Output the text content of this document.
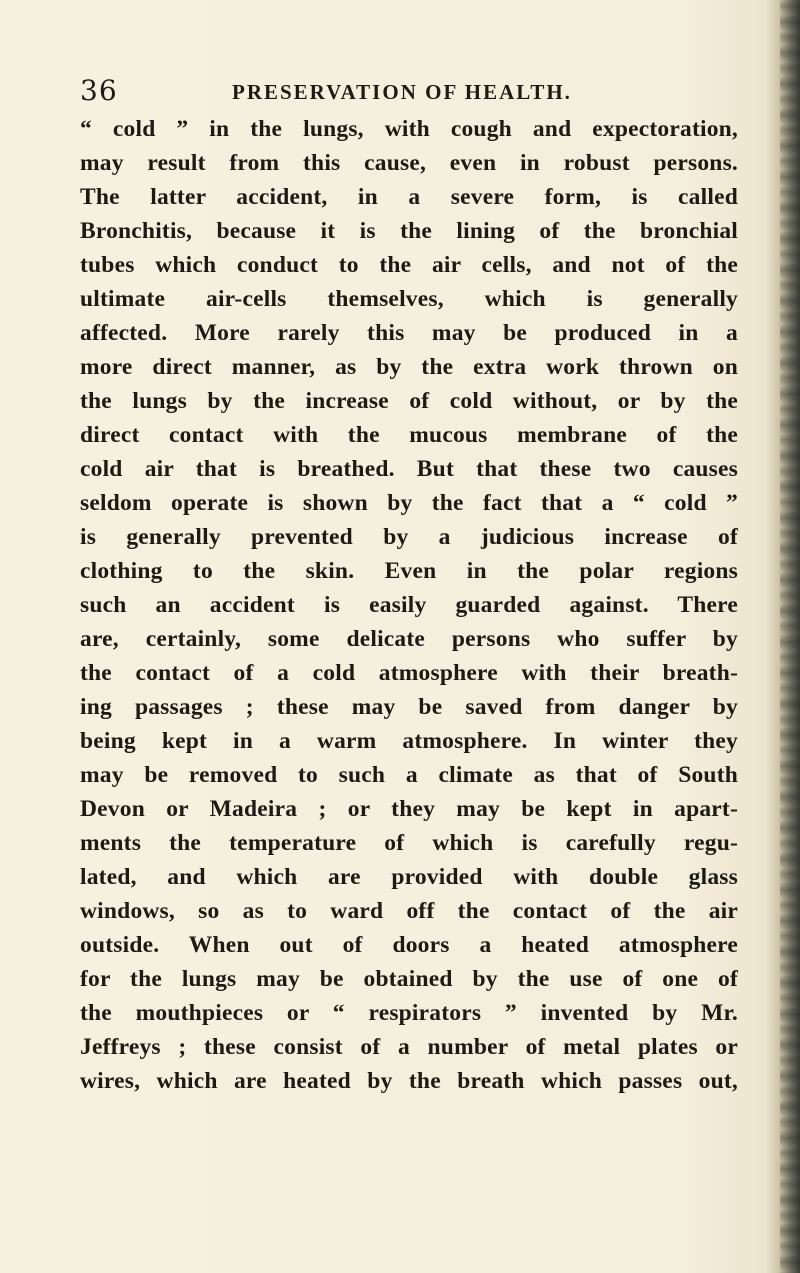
36	PRESERVATION OF HEALTH.
“ cold ” in the lungs, with cough and expectoration,
may result from this cause, even in robust persons.
The latter accident, in a severe form, is called
Bronchitis, because it is the lining of the bronchial
tubes which conduct to the air cells, and not of the
ultimate air-cells themselves, which is generally
affected. More rarely this may be produced in a
more direct manner, as by the extra work thrown on
the lungs by the increase of cold without, or by the
direct contact with the mucous membrane of the
cold air that is breathed. But that these two causes
seldom operate is shown by the fact that a “ cold ”
is generally prevented by a judicious increase of
clothing to the skin. Even in the polar regions
such an accident is easily guarded against. There
are, certainly, some delicate persons who suffer by
the contact of a cold atmosphere with their breath-
ing passages ; these may be saved from danger by
being kept in a warm atmosphere. In winter they
may be removed to such a climate as that of South
Devon or Madeira ; or they may be kept in apart-
ments the temperature of which is carefully regu-
lated, and which are provided with double glass
windows, so as to ward off the contact of the air
outside. When out of doors a heated atmosphere
for the lungs may be obtained by the use of one of
the mouthpieces or “ respirators ” invented by Mr.
Jeffreys ; these consist of a number of metal plates or
wires, which are heated by the breath which passes out,
